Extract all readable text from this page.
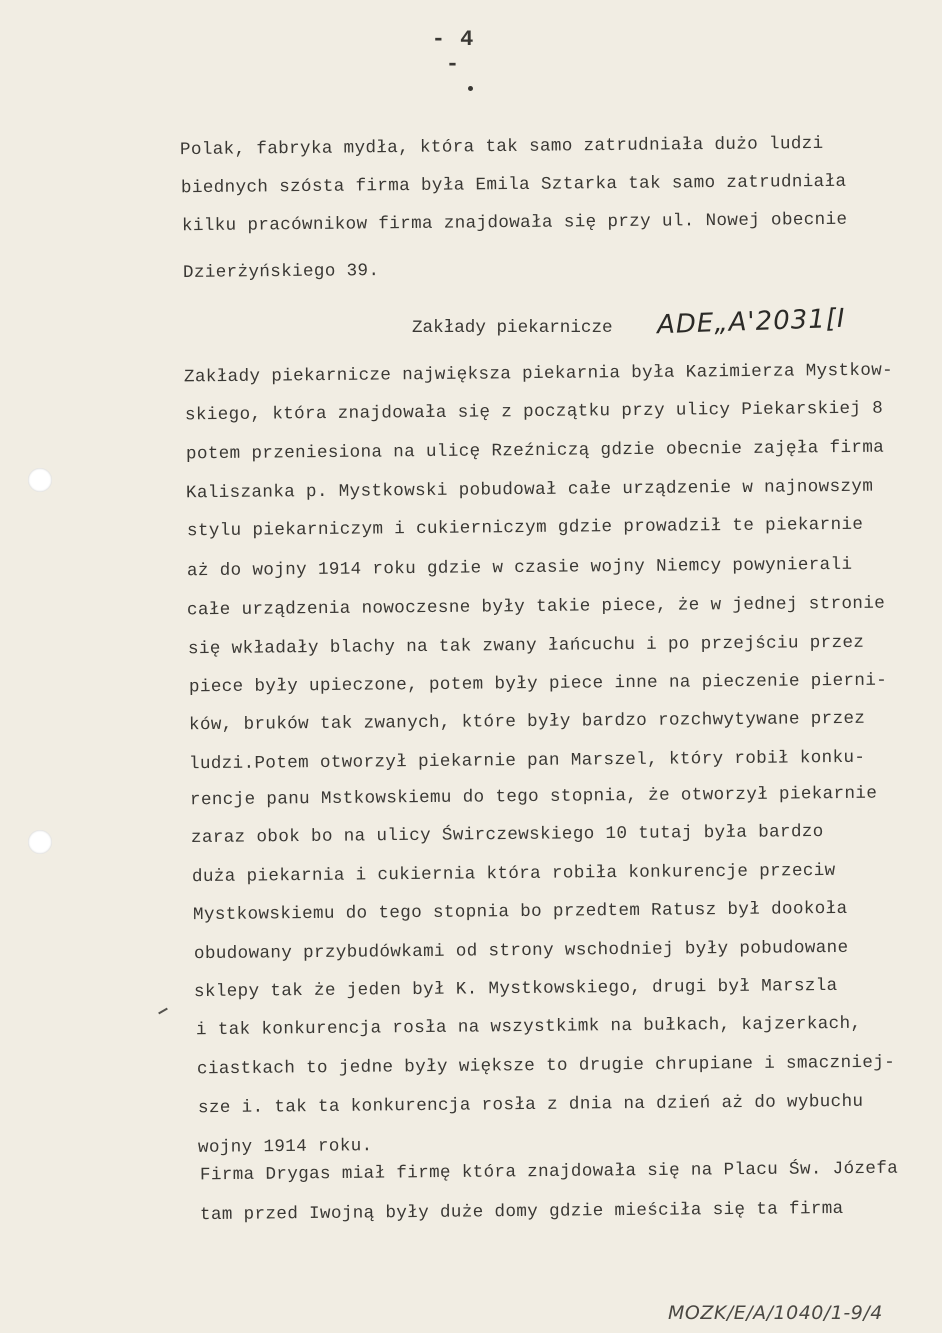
- 4 -
Polak, fabryka mydła, która tak samo zatrudniała dużo ludzi
biednych szósta firma była Emila Sztarka tak samo zatrudniała
kilku pracównikow firma znajdowała się przy ul. Nowej obecnie
Dzierżyńskiego 39.
Zakłady piekarnicze ADE„A'2031[I
Zakłady piekarnicze największa piekarnia była Kazimierza Mystkow-
skiego, która znajdowała się z początku przy ulicy Piekarskiej 8
potem przeniesiona na ulicę Rzeźniczą gdzie obecnie zajęła firma
Kaliszanka p. Mystkowski pobudował całe urządzenie w najnowszym
stylu piekarniczym i cukierniczym gdzie prowadził te piekarnie
aż do wojny 1914 roku gdzie w czasie wojny Niemcy powynierali
całe urządzenia nowoczesne były takie piece, że w jednej stronie
się wkładały blachy na tak zwany łańcuchu i po przejściu przez
piece były upieczone, potem były piece inne na pieczenie pierni-
ków, bruków tak zwanych, które były bardzo rozchwytywane przez
ludzi.Potem otworzył piekarnie pan Marszel, który robił konku-
rencje panu Mstkowskiemu do tego stopnia, że otworzył piekarnie
zaraz obok bo na ulicy Świrczewskiego 10 tutaj była bardzo
duża piekarnia i cukiernia która robiła konkurencje przeciw
Mystkowskiemu do tego stopnia bo przedtem Ratusz był dookoła
obudowany przybudówkami od strony wschodniej były pobudowane
sklepy tak że jeden był K. Mystkowskiego, drugi był Marszla
i tak konkurencja rosła na wszystkimk na bułkach, kajzerkach,
ciastkach to jedne były większe to drugie chrupiane i smaczniej-
sze i. tak ta konkurencja rosła z dnia na dzień aż do wybuchu
wojny 1914 roku.
Firma Drygas miał firmę która znajdowała się na Placu Św. Józefa
tam przed Iwojną były duże domy gdzie mieściła się ta firma
MOZK/E/A/1040/1-9/4
